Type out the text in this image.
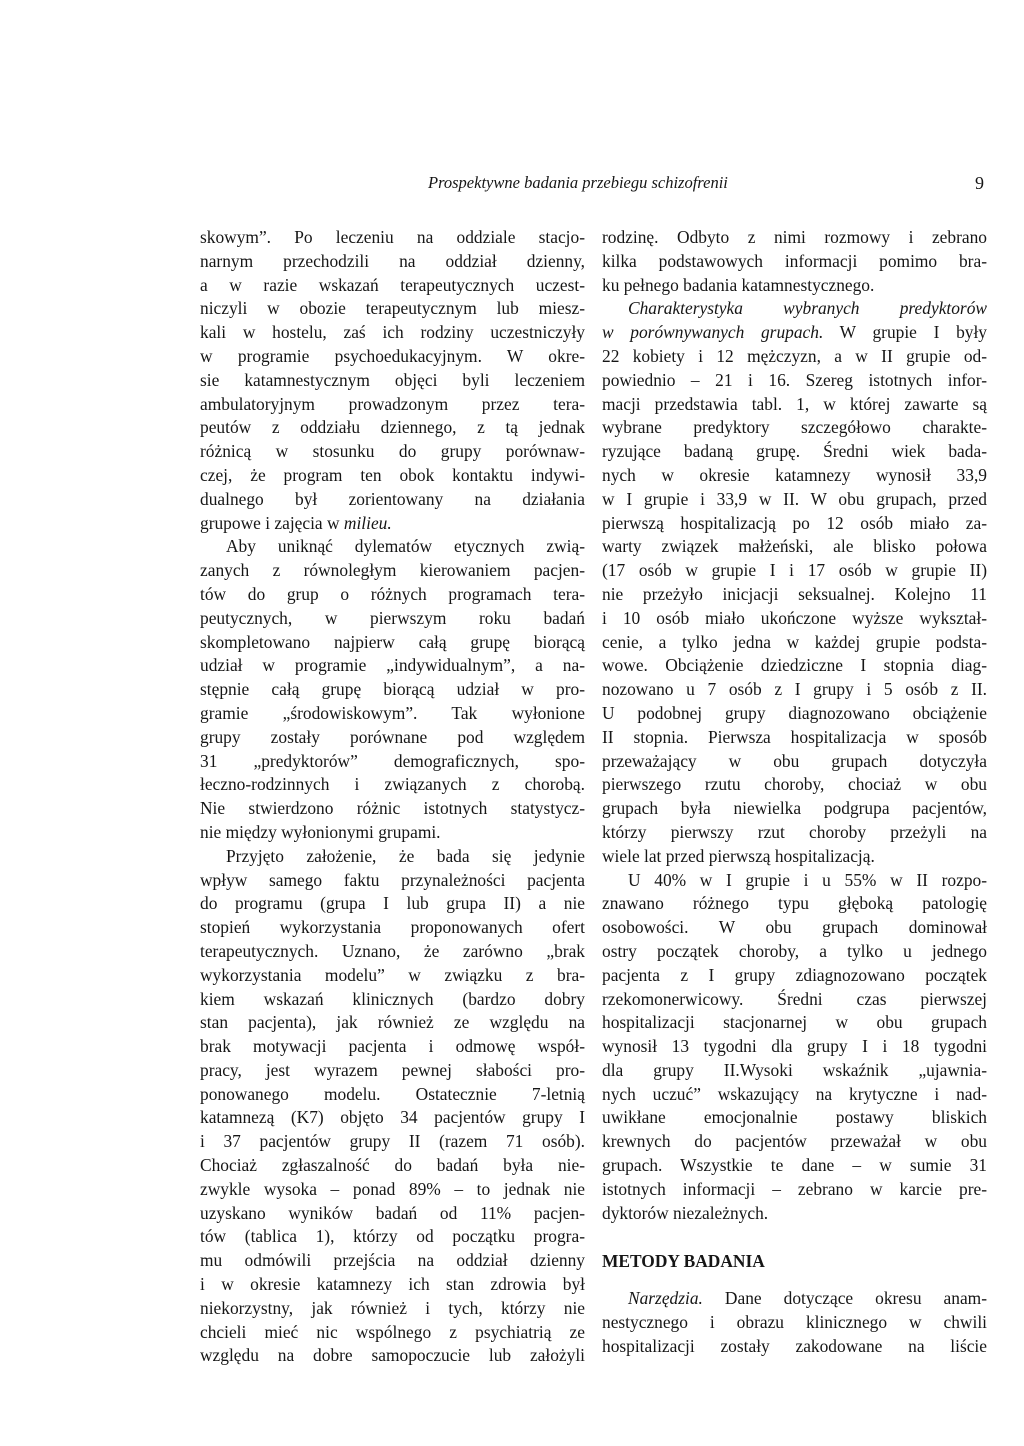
Prospektywne badania przebiegu schizofrenii	9
skowym”. Po leczeniu na oddziale stacjo-
narnym przechodzili na oddział dzienny,
a w razie wskazań terapeutycznych uczest-
niczyli w obozie terapeutycznym lub miesz-
kali w hostelu, zaś ich rodziny uczestniczyły
w programie psychoedukacyjnym. W okre-
sie katamnestycznym objęci byli leczeniem
ambulatoryjnym prowadzonym przez tera-
peutów z oddziału dziennego, z tą jednak
różnicą w stosunku do grupy porównaw-
czej, że program ten obok kontaktu indywi-
dualnego był zorientowany na działania
grupowe i zajęcia w milieu.
Aby uniknąć dylematów etycznych zwią-
zanych z równoległym kierowaniem pacjen-
tów do grup o różnych programach tera-
peutycznych, w pierwszym roku badań
skompletowano najpierw całą grupę biorącą
udział w programie „indywidualnym”, a na-
stępnie całą grupę biorącą udział w pro-
gramie „środowiskowym”. Tak wyłonione
grupy zostały porównane pod względem
31 „predyktorów” demograficznych, spo-
łeczno-rodzinnych i związanych z chorobą.
Nie stwierdzono różnic istotnych statystycz-
nie między wyłonionymi grupami.
Przyjęto założenie, że bada się jedynie
wpływ samego faktu przynależności pacjenta
do programu (grupa I lub grupa II) a nie
stopień wykorzystania proponowanych ofert
terapeutycznych. Uznano, że zarówno „brak
wykorzystania modelu” w związku z bra-
kiem wskazań klinicznych (bardzo dobry
stan pacjenta), jak również ze względu na
brak motywacji pacjenta i odmowę współ-
pracy, jest wyrazem pewnej słabości pro-
ponowanego modelu. Ostatecznie 7-letnią
katamnezą (K7) objęto 34 pacjentów grupy I
i 37 pacjentów grupy II (razem 71 osób).
Chociaż zgłaszalność do badań była nie-
zwykle wysoka – ponad 89% – to jednak nie
uzyskano wyników badań od 11% pacjen-
tów (tablica 1), którzy od początku progra-
mu odmówili przejścia na oddział dzienny
i w okresie katamnezy ich stan zdrowia był
niekorzystny, jak również i tych, którzy nie
chcieli mieć nic wspólnego z psychiatrią ze
względu na dobre samopoczucie lub założyli
rodzinę. Odbyto z nimi rozmowy i zebrano
kilka podstawowych informacji pomimo bra-
ku pełnego badania katamnestycznego.
Charakterystyka wybranych predyktorów
w porównywanych grupach. W grupie I były
22 kobiety i 12 mężczyzn, a w II grupie od-
powiednio – 21 i 16. Szereg istotnych infor-
macji przedstawia tabl. 1, w której zawarte są
wybrane predyktory szczegółowo charakte-
ryzujące badaną grupę. Średni wiek bada-
nych w okresie katamnezy wynosił 33,9
w I grupie i 33,9 w II. W obu grupach, przed
pierwszą hospitalizacją po 12 osób miało za-
warty związek małżeński, ale blisko połowa
(17 osób w grupie I i 17 osób w grupie II)
nie przeżyło inicjacji seksualnej. Kolejno 11
i 10 osób miało ukończone wyższe wykształ-
cenie, a tylko jedna w każdej grupie podsta-
wowe. Obciążenie dziedziczne I stopnia diag-
nozowano u 7 osób z I grupy i 5 osób z II.
U podobnej grupy diagnozowano obciążenie
II stopnia. Pierwsza hospitalizacja w sposób
przeważający w obu grupach dotyczyła
pierwszego rzutu choroby, chociaż w obu
grupach była niewielka podgrupa pacjentów,
którzy pierwszy rzut choroby przeżyli na
wiele lat przed pierwszą hospitalizacją.
U 40% w I grupie i u 55% w II rozpo-
znawano różnego typu głęboką patologię
osobowości. W obu grupach dominował
ostry początek choroby, a tylko u jednego
pacjenta z I grupy zdiagnozowano początek
rzekomonerwicowy. Średni czas pierwszej
hospitalizacji stacjonarnej w obu grupach
wynosił 13 tygodni dla grupy I i 18 tygodni
dla grupy II.Wysoki wskaźnik „ujawnia-
nych uczuć” wskazujący na krytyczne i nad-
uwikłane emocjonalnie postawy bliskich
krewnych do pacjentów przeważał w obu
grupach. Wszystkie te dane – w sumie 31
istotnych informacji – zebrano w karcie pre-
dyktorów niezależnych.
METODY BADANIA
Narzędzia. Dane dotyczące okresu anam-
nestycznego i obrazu klinicznego w chwili
hospitalizacji zostały zakodowane na liście
